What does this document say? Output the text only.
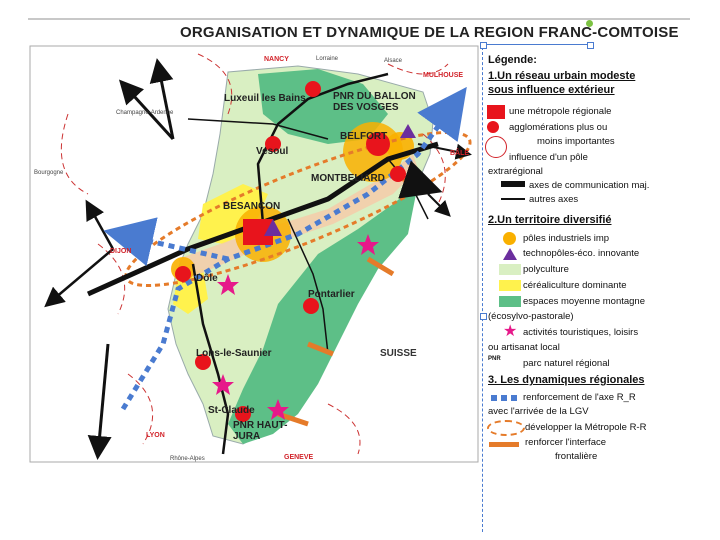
ORGANISATION ET DYNAMIQUE DE LA REGION FRANC-COMTOISE
NANCY	Lorraine	Alsace
MULHOUSE
Luxeuil les Bains	PNR DU BALLON DES VOSGES
Champagne-Ardenne
Vesoul
BELFORT
BÂLE
Bourgogne	MONTBELIARD
BESANCON
DIJON
Dôle
Pontarlier
SUISSE
Lons-le-Saunier
St-Claude
PNR HAUT-JURA
LYON
Rhône-Alpes	GENEVE
Légende:
1.Un réseau urbain modeste
sous influence extérieur
une métropole régionale
agglomérations plus ou
moins importantes
influence d'un pôle
extrarégional
axes de communication maj.
autres axes
2.Un territoire diversifié
pôles industriels imp
technopôles-éco. innovante
polyculture
céréaliculture dominante
espaces moyenne montagne
(écosylvo-pastorale)
★ activités touristiques, loisirs
ou artisanat local
PNR parc naturel régional
3. Les dynamiques régionales
renforcement de l'axe R_R
avec l'arrivée de la LGV
développer la Métropole R-R
renforcer l'interface
frontalière
